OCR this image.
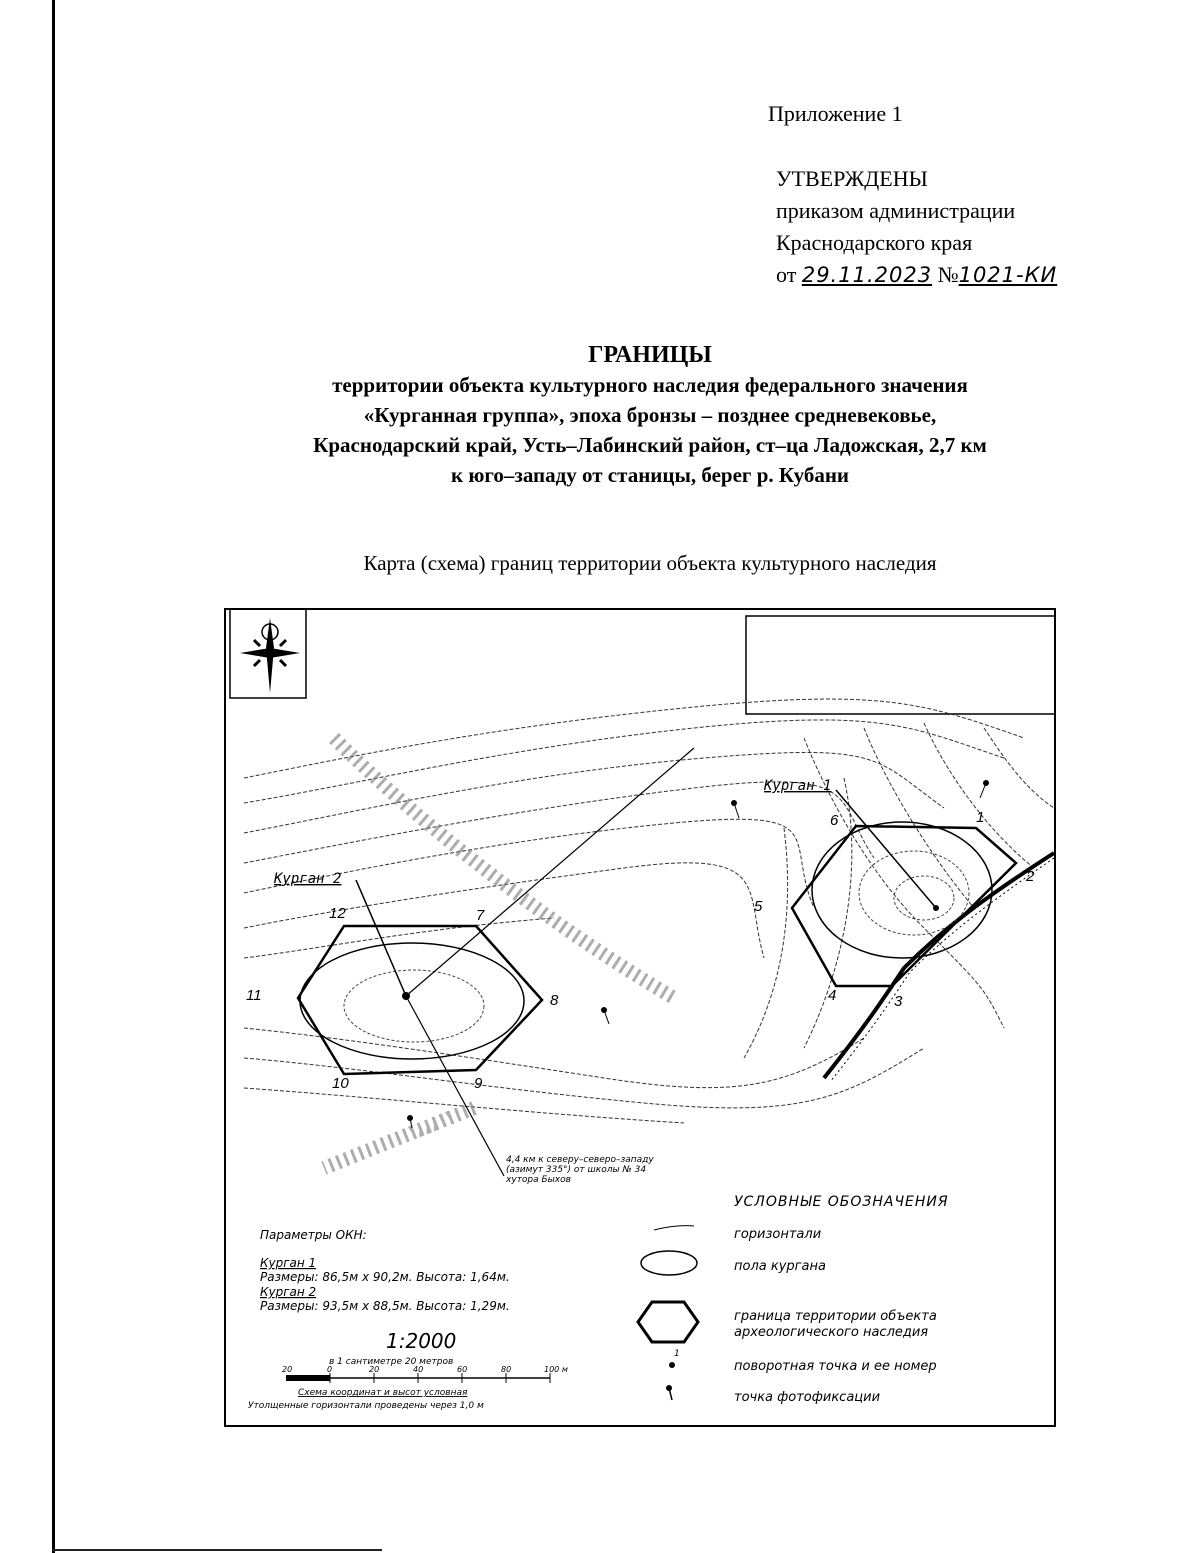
Приложение 1
УТВЕРЖДЕНЫ
приказом администрации
Краснодарского края
от 29.11.2023 №1021-КИ
ГРАНИЦЫ
территории объекта культурного наследия федерального значения
«Курганная группа», эпоха бронзы – позднее средневековье,
Краснодарский край, Усть–Лабинский район, ст–ца Ладожская, 2,7 км
к юго–западу от станицы, берег р. Кубани
Карта (схема) границ территории объекта культурного наследия
Курган 1
1
2
3
4
5
6
Курган 2
7
8
9
10
11
12
4,4 км к северу–северо–западу
(азимут 335°) от школы № 34
хутора Быхов
УСЛОВНЫЕ ОБОЗНАЧЕНИЯ
горизонтали
пола кургана
граница территории объекта
археологического наследия
1
поворотная точка и ее номер
точка фотофиксации
Параметры ОКН:
Курган 1
Размеры: 86,5м х 90,2м. Высота: 1,64м.
Курган 2
Размеры: 93,5м х 88,5м. Высота: 1,29м.
1:2000
в 1 сантиметре 20 метров
20	0	20	40	60	80	100 м
Схема координат и высот условная
Утолщенные горизонтали проведены через 1,0 м
